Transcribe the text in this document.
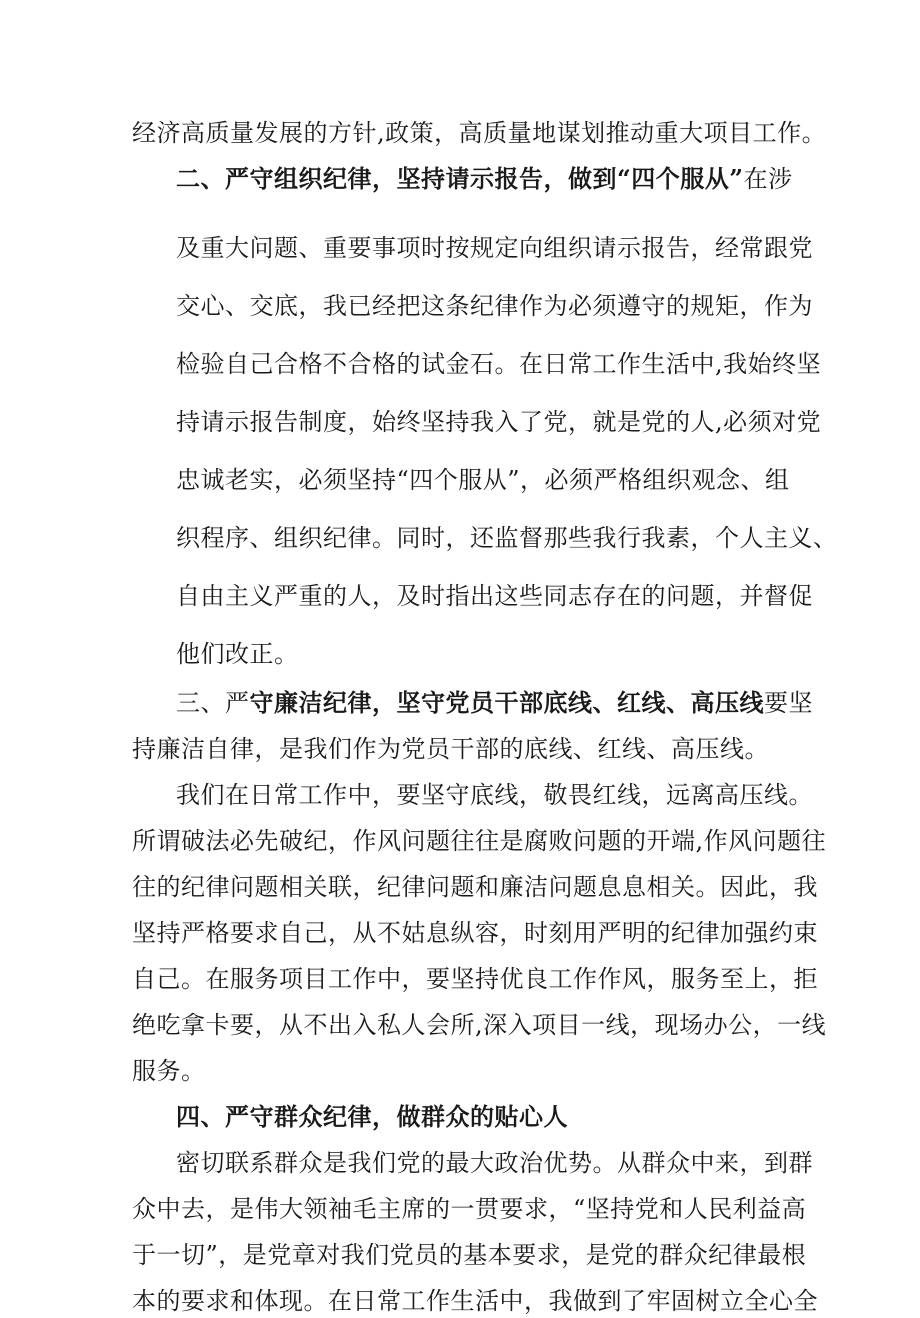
经济高质量发展的方针,政策，高质量地谋划推动重大项目工作。
二、严守组织纪律，坚持请示报告，做到“四个服从”在涉
及重大问题、重要事项时按规定向组织请示报告，经常跟党
交心、交底，我已经把这条纪律作为必须遵守的规矩，作为
检验自己合格不合格的试金石。在日常工作生活中,我始终坚
持请示报告制度，始终坚持我入了党，就是党的人,必须对党
忠诚老实，必须坚持“四个服从”，必须严格组织观念、组
织程序、组织纪律。同时，还监督那些我行我素，个人主义、
自由主义严重的人，及时指出这些同志存在的问题，并督促
他们改正。
三、严守廉洁纪律，坚守党员干部底线、红线、高压线要坚
持廉洁自律，是我们作为党员干部的底线、红线、高压线。
我们在日常工作中，要坚守底线，敬畏红线，远离高压线。
所谓破法必先破纪，作风问题往往是腐败问题的开端,作风问题往
往的纪律问题相关联，纪律问题和廉洁问题息息相关。因此，我
坚持严格要求自己，从不姑息纵容，时刻用严明的纪律加强约束
自己。在服务项目工作中，要坚持优良工作作风，服务至上，拒
绝吃拿卡要，从不出入私人会所,深入项目一线，现场办公，一线
服务。
四、严守群众纪律，做群众的贴心人
密切联系群众是我们党的最大政治优势。从群众中来，到群
众中去，是伟大领袖毛主席的一贯要求，“坚持党和人民利益高
于一切”，是党章对我们党员的基本要求，是党的群众纪律最根
本的要求和体现。在日常工作生活中，我做到了牢固树立全心全
